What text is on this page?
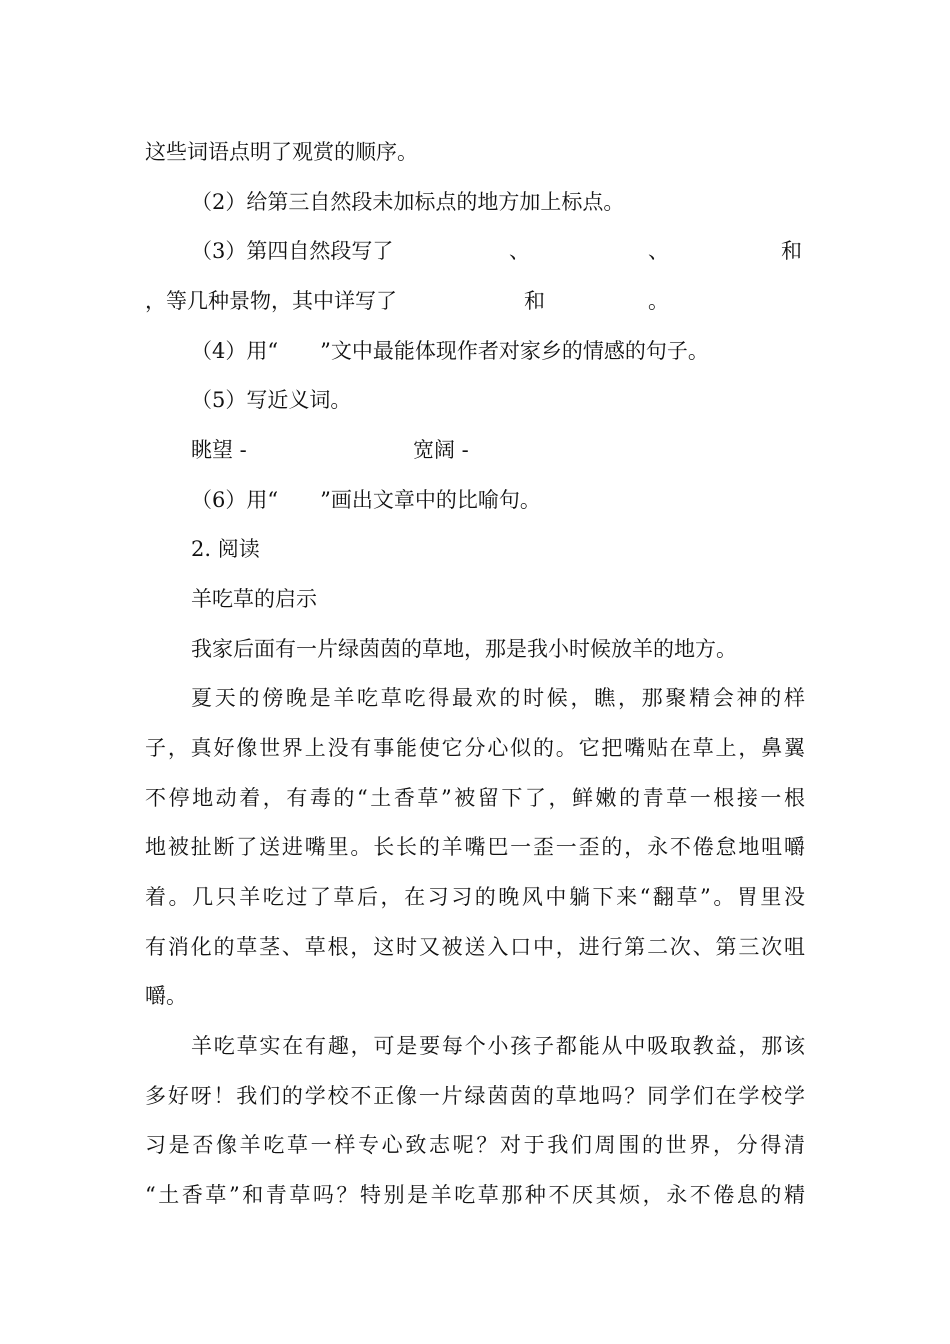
这些词语点明了观赏的顺序。
（2）给第三自然段未加标点的地方加上标点。
（3）第四自然段写了	、	、	和
，等几种景物，其中详写了	和	。
（4）用“　　”文中最能体现作者对家乡的情感的句子。
（5）写近义词。
眺望 -	宽阔 -
（6）用“　　”画出文章中的比喻句。
2. 阅读
羊吃草的启示
我家后面有一片绿茵茵的草地，那是我小时候放羊的地方。
夏天的傍晚是羊吃草吃得最欢的时候，瞧，那聚精会神的样
子，真好像世界上没有事能使它分心似的。它把嘴贴在草上，鼻翼
不停地动着，有毒的“土香草”被留下了，鲜嫩的青草一根接一根
地被扯断了送进嘴里。长长的羊嘴巴一歪一歪的，永不倦怠地咀嚼
着。几只羊吃过了草后，在习习的晚风中躺下来“翻草”。胃里没
有消化的草茎、草根，这时又被送入口中，进行第二次、第三次咀
嚼。
羊吃草实在有趣，可是要每个小孩子都能从中吸取教益，那该
多好呀！我们的学校不正像一片绿茵茵的草地吗？同学们在学校学
习是否像羊吃草一样专心致志呢？对于我们周围的世界，分得清
“土香草”和青草吗？特别是羊吃草那种不厌其烦，永不倦息的精
